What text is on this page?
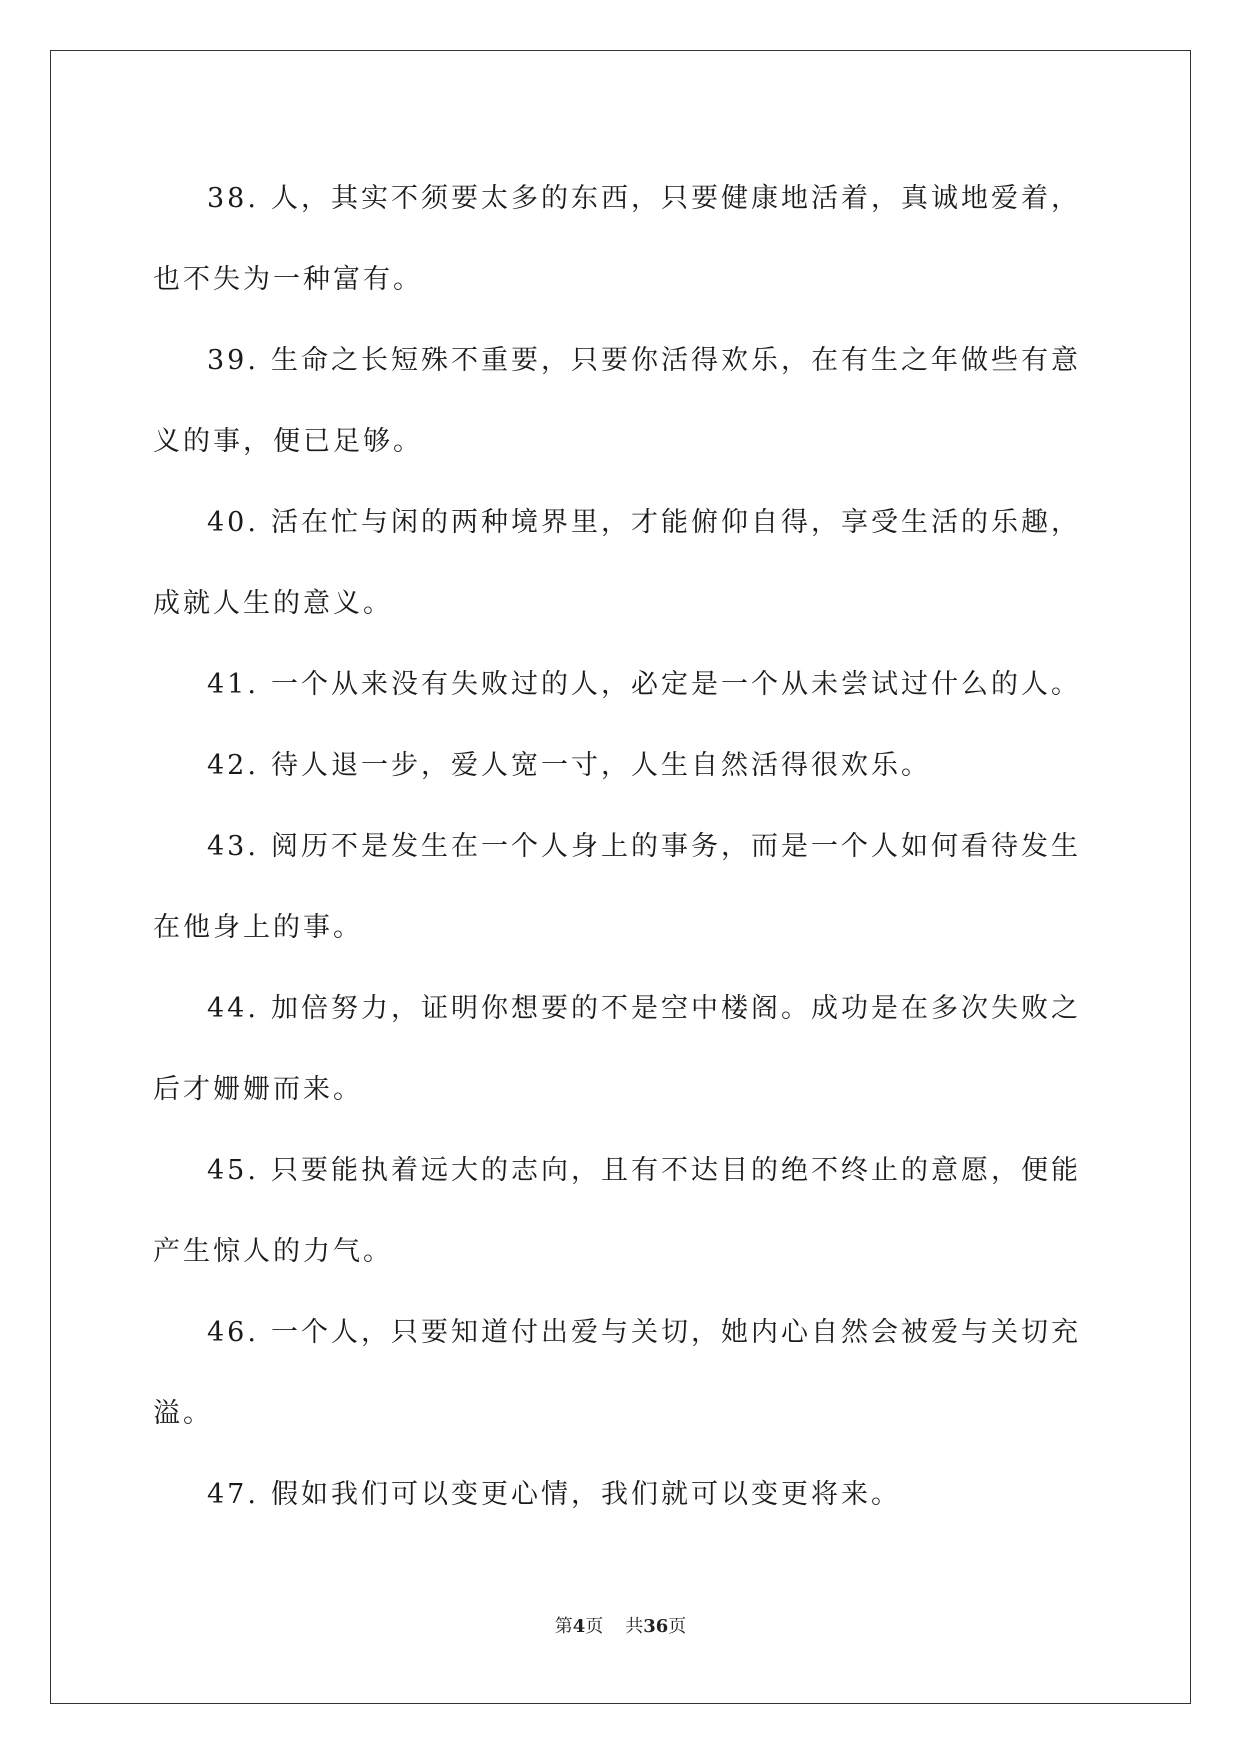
38. 人，其实不须要太多的东西，只要健康地活着，真诚地爱着，也不失为一种富有。

39. 生命之长短殊不重要，只要你活得欢乐，在有生之年做些有意义的事，便已足够。

40. 活在忙与闲的两种境界里，才能俯仰自得，享受生活的乐趣，成就人生的意义。

41. 一个从来没有失败过的人，必定是一个从未尝试过什么的人。

42. 待人退一步，爱人宽一寸，人生自然活得很欢乐。

43. 阅历不是发生在一个人身上的事务，而是一个人如何看待发生在他身上的事。

44. 加倍努力，证明你想要的不是空中楼阁。成功是在多次失败之后才姗姗而来。

45. 只要能执着远大的志向，且有不达目的绝不终止的意愿，便能产生惊人的力气。

46. 一个人，只要知道付出爱与关切，她内心自然会被爱与关切充溢。

47. 假如我们可以变更心情，我们就可以变更将来。

第4页 共36页
